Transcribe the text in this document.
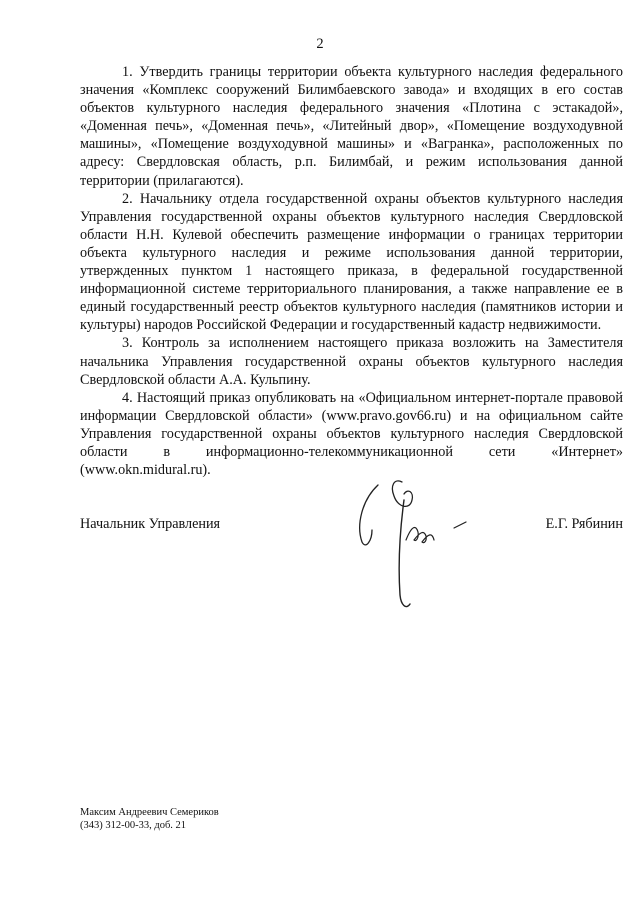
2

1. Утвердить границы территории объекта культурного наследия федерального значения «Комплекс сооружений Билимбаевского завода» и входящих в его состав объектов культурного наследия федерального значения «Плотина с эстакадой», «Доменная печь», «Доменная печь», «Литейный двор», «Помещение воздуходувной машины», «Помещение воздуходувной машины» и «Вагранка», расположенных по адресу: Свердловская область, р.п. Билимбай, и режим использования данной территории (прилагаются).

2. Начальнику отдела государственной охраны объектов культурного наследия Управления государственной охраны объектов культурного наследия Свердловской области Н.Н. Кулевой обеспечить размещение информации о границах территории объекта культурного наследия и режиме использования данной территории, утвержденных пунктом 1 настоящего приказа, в федеральной государственной информационной системе территориального планирования, а также направление ее в единый государственный реестр объектов культурного наследия (памятников истории и культуры) народов Российской Федерации и государственный кадастр недвижимости.

3. Контроль за исполнением настоящего приказа возложить на Заместителя начальника Управления государственной охраны объектов культурного наследия Свердловской области А.А. Кульпину.

4. Настоящий приказ опубликовать на «Официальном интернет-портале правовой информации Свердловской области» (www.pravo.gov66.ru) и на официальном сайте Управления государственной охраны объектов культурного наследия Свердловской области в информационно-телекоммуникационной сети «Интернет» (www.okn.midural.ru).

Начальник Управления	Е.Г. Рябинин
Максим Андреевич Семериков
(343) 312-00-33, доб. 21
